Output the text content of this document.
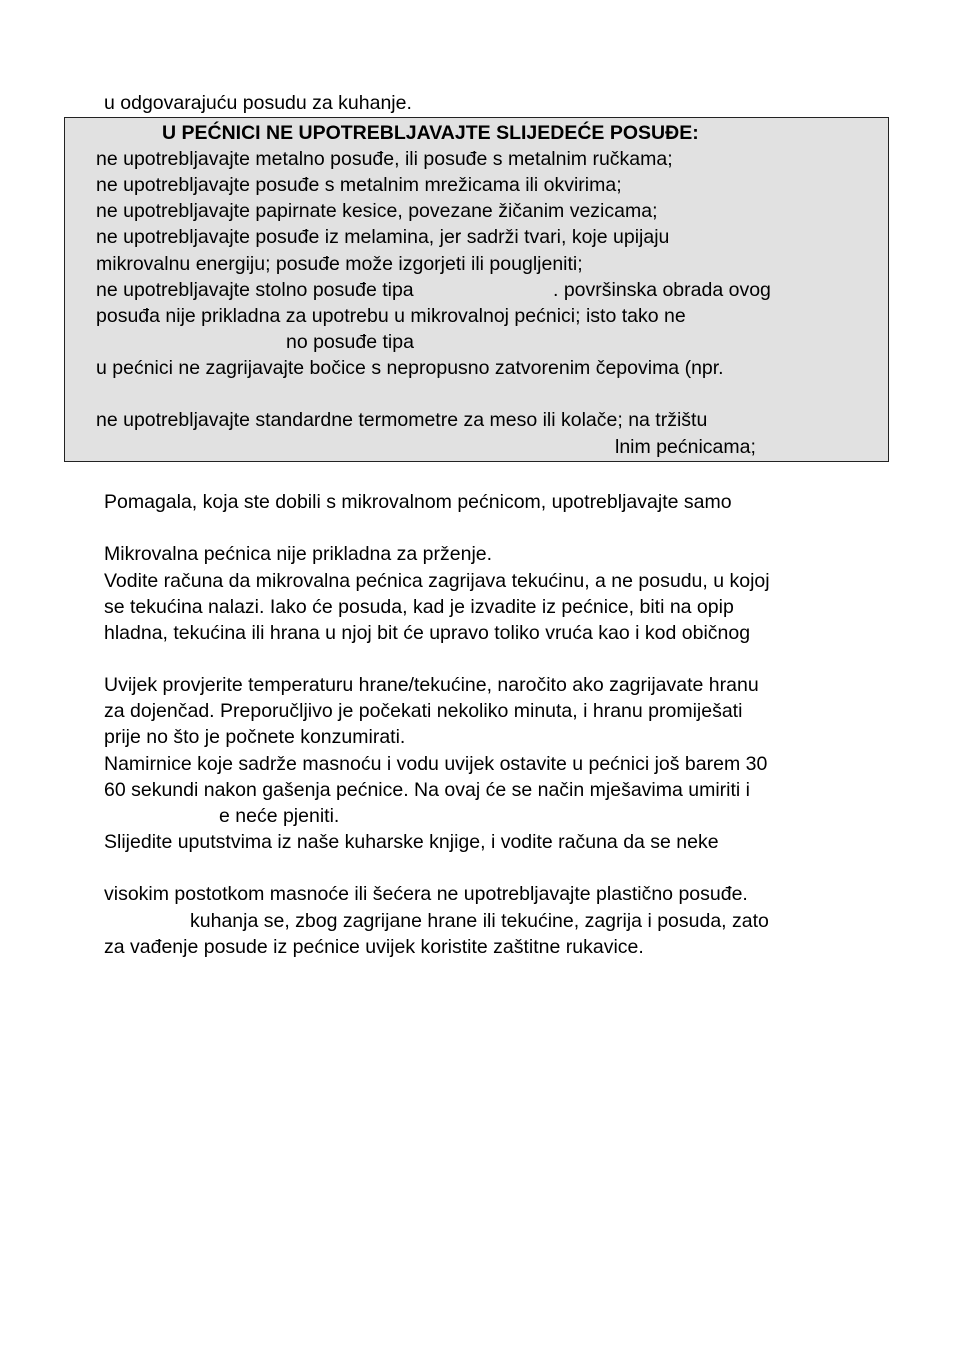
u odgovarajuću posudu za kuhanje.
U PEĆNICI NE UPOTREBLJAVAJTE SLIJEDEĆE POSUĐE:
ne upotrebljavajte metalno posuđe, ili posuđe s metalnim ručkama;
ne upotrebljavajte posuđe s metalnim mrežicama ili okvirima;
ne upotrebljavajte papirnate kesice, povezane žičanim vezicama;
ne upotrebljavajte posuđe iz melamina, jer sadrži tvari, koje upijaju
mikrovalnu energiju; posuđe može izgorjeti ili pougljeniti;
ne upotrebljavajte stolno posuđe tipa	. površinska obrada ovog
posuđa nije prikladna za upotrebu u mikrovalnoj pećnici; isto tako ne
no posuđe tipa
u pećnici ne zagrijavajte bočice s nepropusno zatvorenim čepovima (npr.
ne upotrebljavajte standardne termometre za meso ili kolače; na tržištu
lnim pećnicama;
Pomagala, koja ste dobili s mikrovalnom pećnicom, upotrebljavajte samo
Mikrovalna pećnica nije prikladna za prženje.
Vodite računa da mikrovalna pećnica zagrijava tekućinu, a ne posudu, u kojoj
se tekućina nalazi. Iako će posuda, kad je izvadite iz pećnice, biti na opip
hladna, tekućina ili hrana u njoj bit će upravo toliko vruća kao i kod običnog
Uvijek provjerite temperaturu hrane/tekućine, naročito ako zagrijavate hranu
za dojenčad. Preporučljivo je počekati nekoliko minuta, i hranu promiješati
prije no što je počnete konzumirati.
Namirnice koje sadrže masnoću i vodu uvijek ostavite u pećnici još barem 30
60 sekundi nakon gašenja pećnice. Na ovaj će se način mješavima umiriti i
e neće pjeniti.
Slijedite uputstvima iz naše kuharske knjige, i vodite računa da se neke
visokim postotkom masnoće ili šećera ne upotrebljavajte plastično posuđe.
kuhanja se, zbog zagrijane hrane ili tekućine, zagrija i posuda, zato
za vađenje posude iz pećnice uvijek koristite zaštitne rukavice.
